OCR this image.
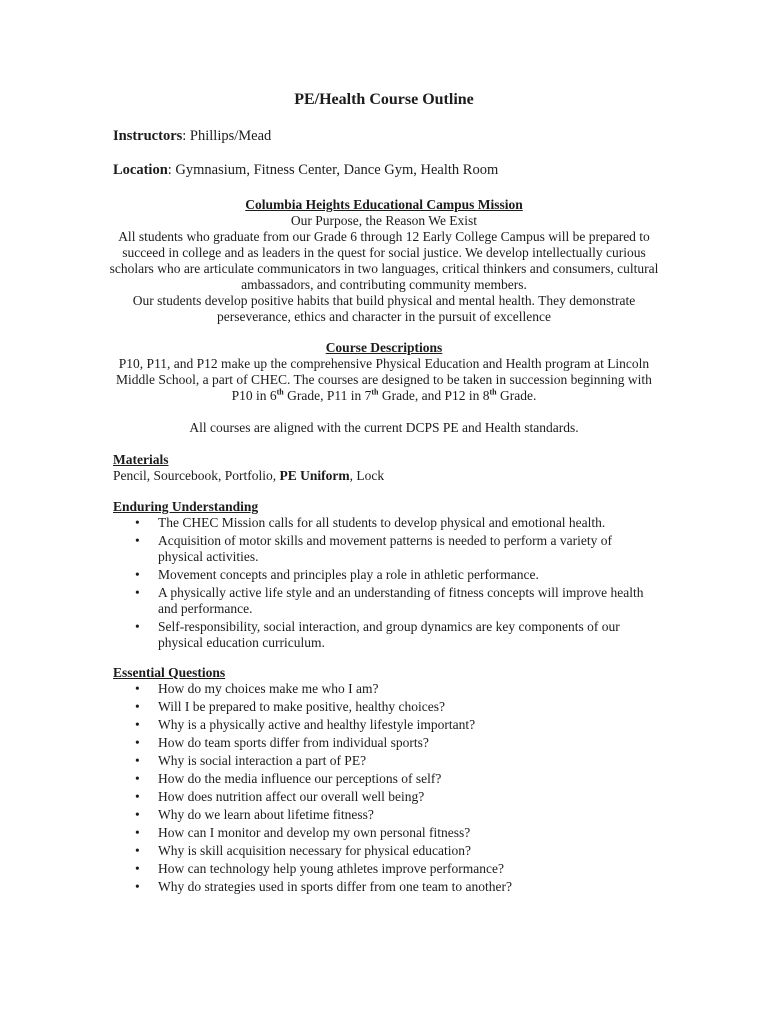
PE/Health Course Outline
Instructors: Phillips/Mead
Location: Gymnasium, Fitness Center, Dance Gym, Health Room
Columbia Heights Educational Campus Mission
Our Purpose, the Reason We Exist
All students who graduate from our Grade 6 through 12 Early College Campus will be prepared to succeed in college and as leaders in the quest for social justice. We develop intellectually curious scholars who are articulate communicators in two languages, critical thinkers and consumers, cultural ambassadors, and contributing community members.
Our students develop positive habits that build physical and mental health. They demonstrate perseverance, ethics and character in the pursuit of excellence
Course Descriptions
P10, P11, and P12 make up the comprehensive Physical Education and Health program at Lincoln Middle School, a part of CHEC. The courses are designed to be taken in succession beginning with P10 in 6th Grade, P11 in 7th Grade, and P12 in 8th Grade.
All courses are aligned with the current DCPS PE and Health standards.
Materials
Pencil, Sourcebook, Portfolio, PE Uniform, Lock
Enduring Understanding
• The CHEC Mission calls for all students to develop physical and emotional health.
• Acquisition of motor skills and movement patterns is needed to perform a variety of physical activities.
• Movement concepts and principles play a role in athletic performance.
• A physically active life style and an understanding of fitness concepts will improve health and performance.
• Self-responsibility, social interaction, and group dynamics are key components of our physical education curriculum.
Essential Questions
• How do my choices make me who I am?
• Will I be prepared to make positive, healthy choices?
• Why is a physically active and healthy lifestyle important?
• How do team sports differ from individual sports?
• Why is social interaction a part of PE?
• How do the media influence our perceptions of self?
• How does nutrition affect our overall well being?
• Why do we learn about lifetime fitness?
• How can I monitor and develop my own personal fitness?
• Why is skill acquisition necessary for physical education?
• How can technology help young athletes improve performance?
• Why do strategies used in sports differ from one team to another?
